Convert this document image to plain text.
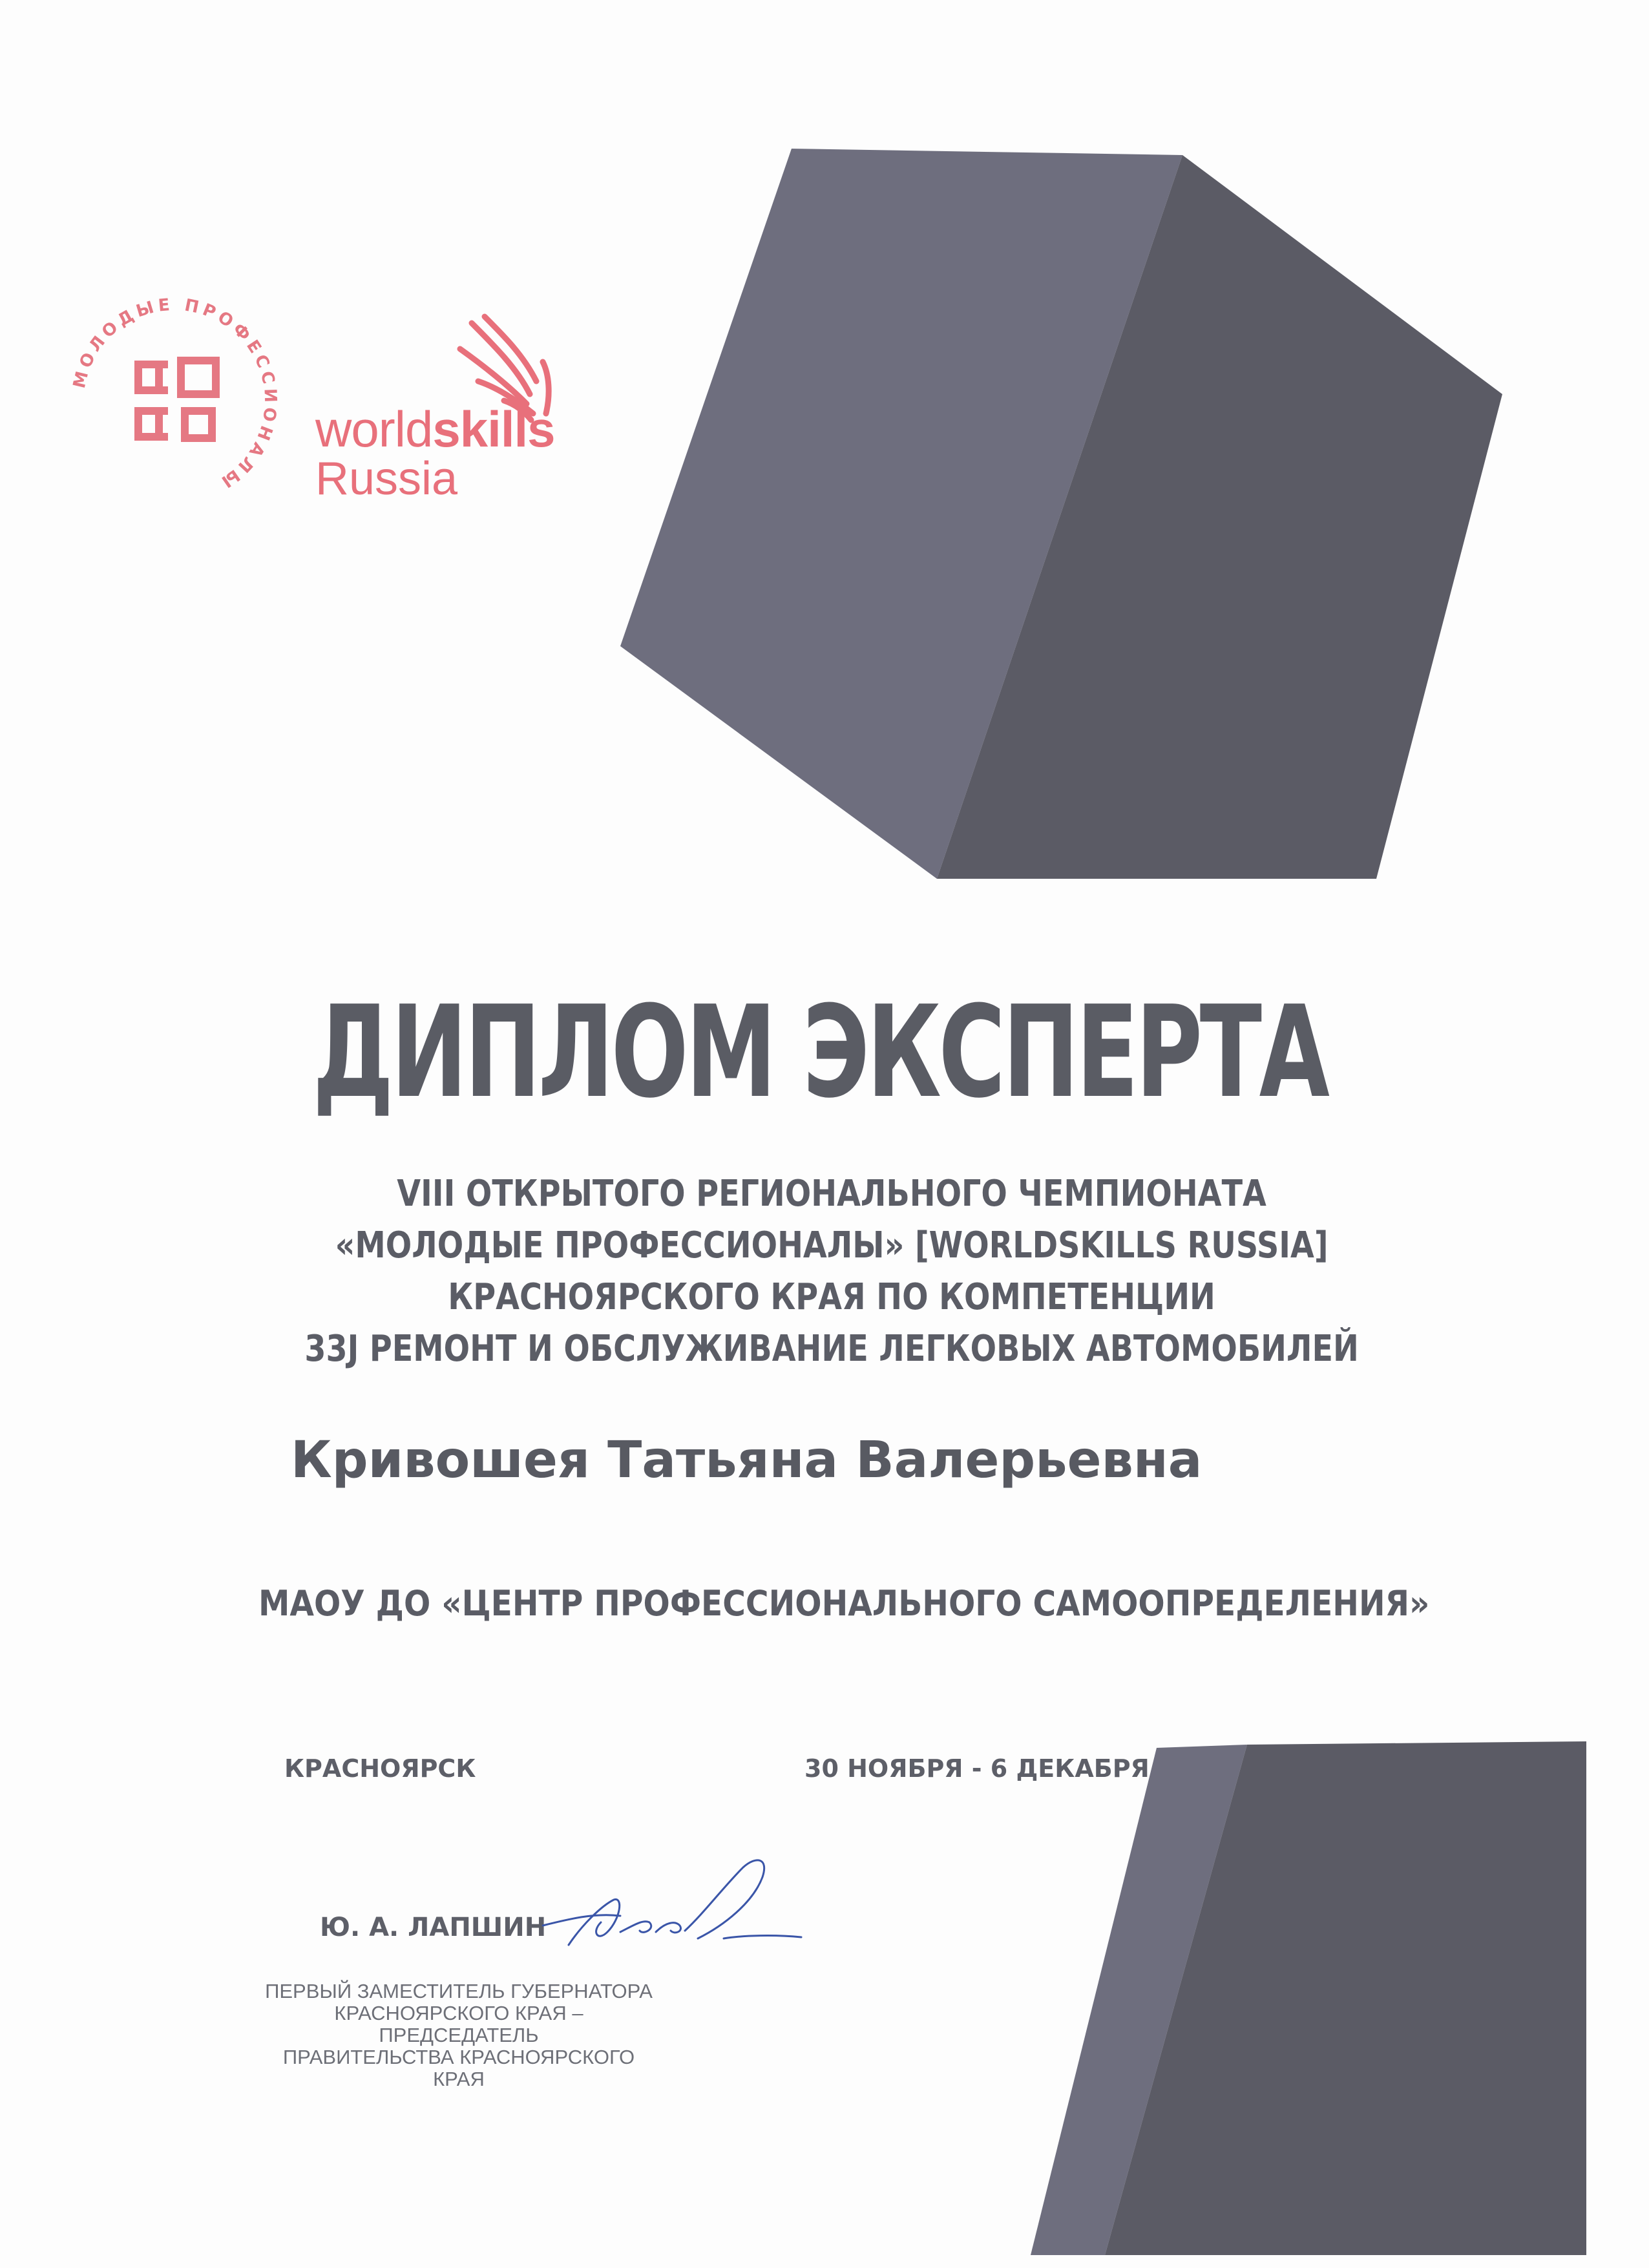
МОЛОДЫЕ ПРОФЕССИОНАЛЫ
worldskills
Russia
ДИПЛОМ ЭКСПЕРТА
VIII ОТКРЫТОГО РЕГИОНАЛЬНОГО ЧЕМПИОНАТА
«МОЛОДЫЕ ПРОФЕССИОНАЛЫ» [WORLDSKILLS RUSSIA]
КРАСНОЯРСКОГО КРАЯ ПО КОМПЕТЕНЦИИ
33J РЕМОНТ И ОБСЛУЖИВАНИЕ ЛЕГКОВЫХ АВТОМОБИЛЕЙ
Кривошея Татьяна Валерьевна
МАОУ ДО «ЦЕНТР ПРОФЕССИОНАЛЬНОГО САМООПРЕДЕЛЕНИЯ»
КРАСНОЯРСК	30 НОЯБРЯ - 6 ДЕКАБРЯ
Ю. А. ЛАПШИН
ПЕРВЫЙ ЗАМЕСТИТЕЛЬ ГУБЕРНАТОРА
КРАСНОЯРСКОГО КРАЯ – ПРЕДСЕДАТЕЛЬ
ПРАВИТЕЛЬСТВА КРАСНОЯРСКОГО КРАЯ
